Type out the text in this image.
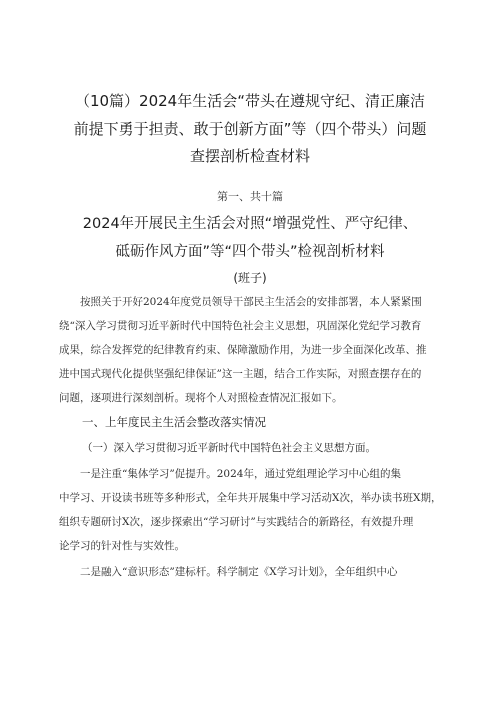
（10篇）2024年生活会“带头在遵规守纪、清正廉洁
前提下勇于担责、敢于创新方面”等（四个带头）问题
查摆剖析检查材料
第一、共十篇
2024年开展民主生活会对照“增强党性、严守纪律、
砥砺作风方面”等“四个带头”检视剖析材料
(班子)
按照关于开好2024年度党员领导干部民主生活会的安排部署，本人紧紧围
绕“深入学习贯彻习近平新时代中国特色社会主义思想，巩固深化党纪学习教育
成果，综合发挥党的纪律教育约束、保障激励作用，为进一步全面深化改革、推
进中国式现代化提供坚强纪律保证”这一主题，结合工作实际，对照查摆存在的
问题，逐项进行深刻剖析。现将个人对照检查情况汇报如下。
一、上年度民主生活会整改落实情况
（一）深入学习贯彻习近平新时代中国特色社会主义思想方面。
一是注重“集体学习”促提升。2024年，通过党组理论学习中心组的集
中学习、开设读书班等多种形式，全年共开展集中学习活动X次，举办读书班X期，
组织专题研讨X次，逐步探索出“学习研讨”与实践结合的新路径，有效提升理
论学习的针对性与实效性。
二是融入“意识形态”建标杆。科学制定《X学习计划》，全年组织中心
